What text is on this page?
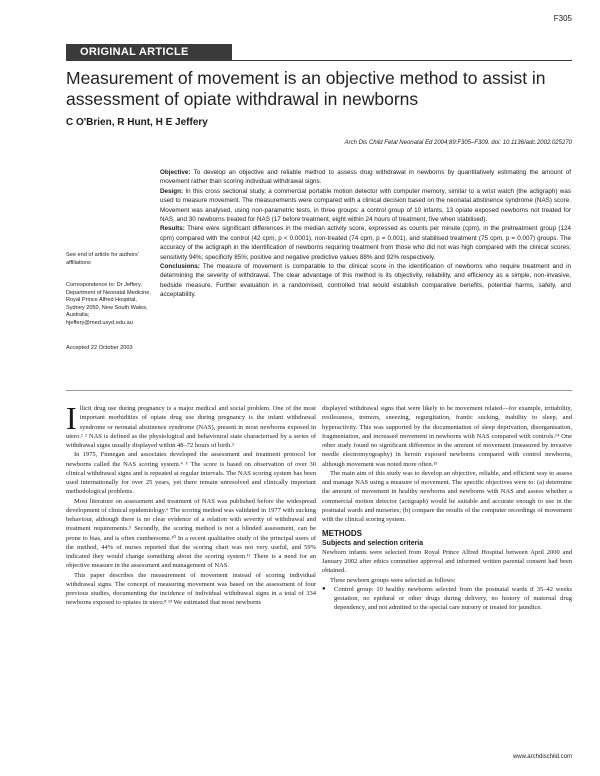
F305
ORIGINAL ARTICLE
Measurement of movement is an objective method to assist in assessment of opiate withdrawal in newborns
C O'Brien, R Hunt, H E Jeffery
Arch Dis Child Fetal Neonatal Ed 2004;89:F305–F309. doi: 10.1136/adc.2002.025270

Objective: To develop an objective and reliable method to assess drug withdrawal in newborns by quantitatively estimating the amount of movement rather than scoring individual withdrawal signs.

Design: In this cross sectional study, a commercial portable motion detector with computer memory, similar to a wrist watch (the actigraph) was used to measure movement. The measurements were compared with a clinical decision based on the neonatal abstinence syndrome (NAS) score. Movement was analysed, using non-parametric tests, in three groups: a control group of 10 infants, 13 opiate exposed newborns not treated for NAS, and 30 newborns treated for NAS (17 before treatment, eight within 24 hours of treatment, five when stabilised).

Results: There were significant differences in the median activity score, expressed as counts per minute (cpm), in the pretreatment group (124 cpm) compared with the control (42 cpm, p < 0.0001), non-treated (74 cpm, p = 0.001), and stabilised treatment (75 cpm, p = 0.007) groups. The accuracy of the actigraph in the identification of newborns requiring treatment from those who did not was high compared with the clinical scores; sensitivity 94%; specificity 85%; positive and negative predictive values 88% and 92% respectively.

Conclusions: The measure of movement is comparable to the clinical score in the identification of newborns who require treatment and in determining the severity of withdrawal. The clear advantage of this method is its objectivity, reliability, and efficiency as a simple, non-invasive, bedside measure. Further evaluation in a randomised, controlled trial would establish comparative benefits, potential harms, safety, and acceptability.

See end of article for authors' affiliations

Correspondence to: Dr Jeffery, Department of Neonatal Medicine, Royal Prince Alfred Hospital, Sydney 2050, New South Wales, Australia; hjeffery@med.usyd.edu.au

Accepted 22 October 2003

Illicit drug use during pregnancy is a major medical and social problem. One of the most important morbidities of opiate drug use during pregnancy is the infant withdrawal syndrome or neonatal abstinence syndrome (NAS), present in most newborns exposed in utero.¹ ² NAS is defined as the physiological and behavioural state characterised by a series of withdrawal signs usually displayed within 48–72 hours of birth.³

In 1975, Finnegan and associates developed the assessment and treatment protocol for newborns called the NAS scoring system.⁴ ⁵ The score is based on observation of over 30 clinical withdrawal signs and is repeated at regular intervals. The NAS scoring system has been used internationally for over 25 years, yet there remain unresolved and clinically important methodological problems.

Most literature on assessment and treatment of NAS was published before the widespread development of clinical epidemiology.⁶ The scoring method was validated in 1977 with sucking behaviour, although there is no clear evidence of a relation with severity of withdrawal and treatment requirements.⁵ Secondly, the scoring method is not a blinded assessment, can be prone to bias, and is often cumbersome.¹⁰ In a recent qualitative study of the principal users of the method, 44% of nurses reported that the scoring chart was not very useful, and 59% indicated they would change something about the scoring system.¹¹ There is a need for an objective measure in the assessment and management of NAS.

This paper describes the measurement of movement instead of scoring individual withdrawal signs. The concept of measuring movement was based on the assessment of four previous studies, documenting the incidence of individual withdrawal signs in a total of 334 newborns exposed to opiates in utero.⁸ ¹³ We estimated that most newborns

displayed withdrawal signs that were likely to be movement related—for example, irritability, restlessness, tremors, sneezing, regurgitation, frantic sucking, inability to sleep, and hyperactivity. This was supported by the documentation of sleep deprivation, disorganisation, fragmentation, and increased movement in newborns with NAS compared with controls.¹⁴ One other study found no significant difference in the amount of movement (measured by invasive needle electromyography) in heroin exposed newborns compared with control newborns, although movement was noted more often.¹⁵

The main aim of this study was to develop an objective, reliable, and efficient way to assess and manage NAS using a measure of movement. The specific objectives were to: (a) determine the amount of movement in healthy newborns and newborns with NAS and assess whether a commercial motion detector (actigraph) would be suitable and accurate enough to use in the postnatal wards and nurseries; (b) compare the results of the computer recordings of movement with the clinical scoring system.

METHODS
Subjects and selection criteria

Newborn infants were selected from Royal Prince Alfred Hospital between April 2000 and January 2002 after ethics committee approval and informed written parental consent had been obtained.

Three newborn groups were selected as follows:

● Control group: 10 healthy newborns selected from the postnatal wards if 35–42 weeks gestation, no epidural or other drugs during delivery, no history of maternal drug dependency, and not admitted to the special care nursery or treated for jaundice.

www.archdischild.com
